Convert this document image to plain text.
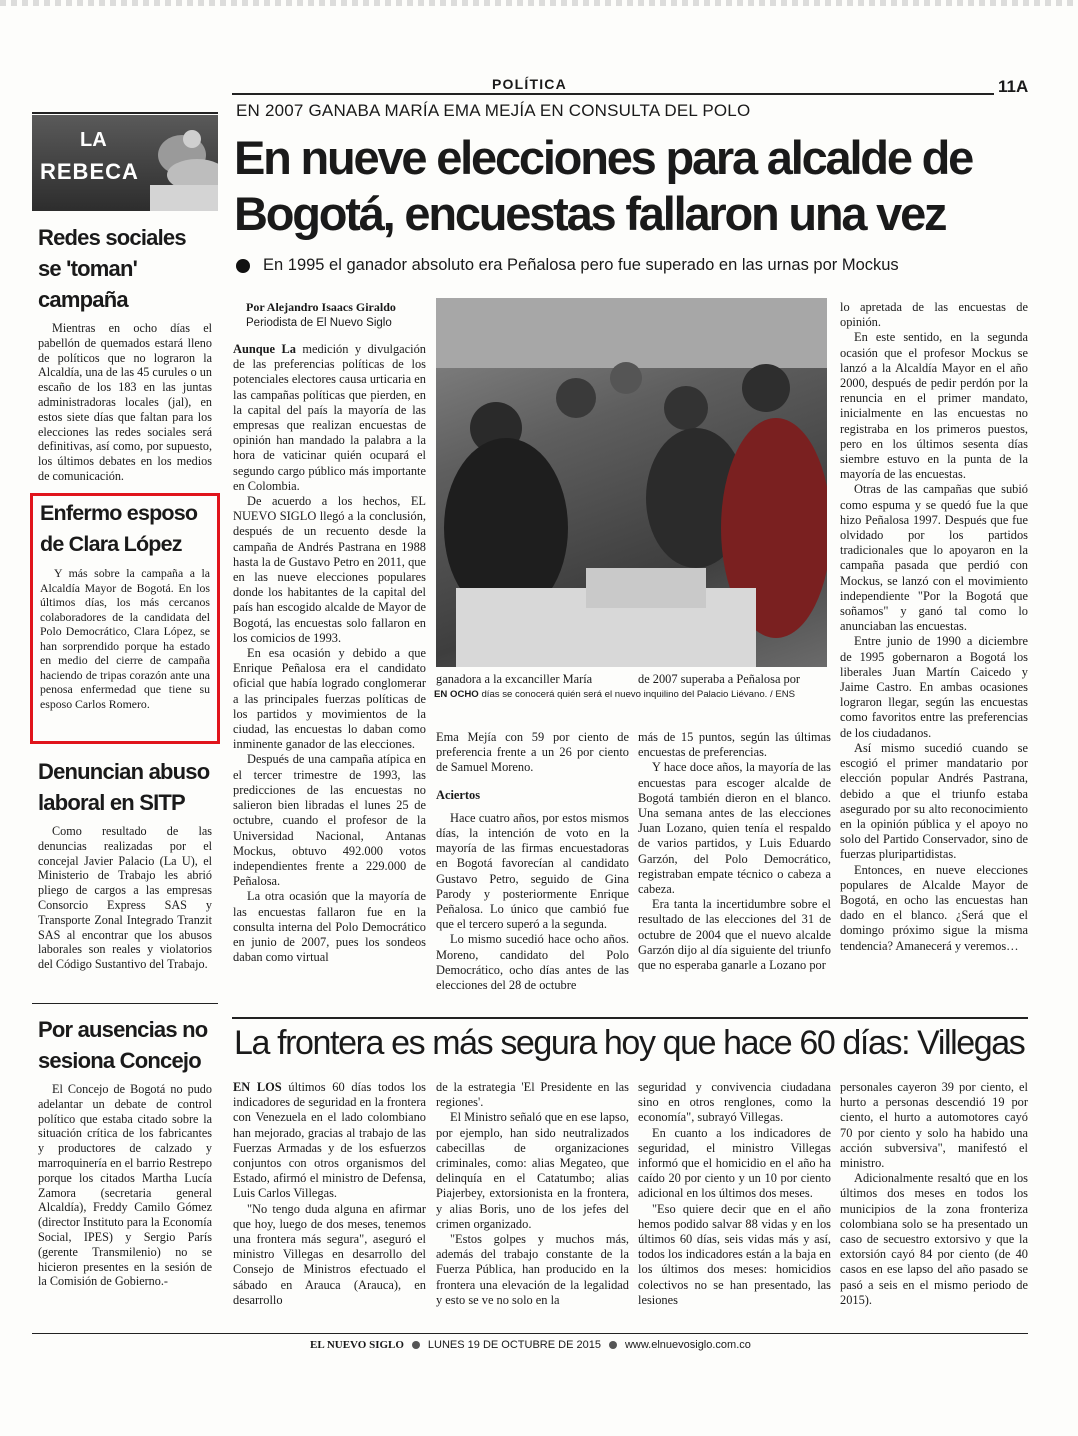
POLÍTICA	11A
LA
REBECA
Redes sociales se 'toman' campaña

Mientras en ocho días el pabellón de quemados estará lleno de políticos que no lograron la Alcaldía, una de las 45 curules o un escaño de los 183 en las juntas administradoras locales (jal), en estos siete días que faltan para los elecciones las redes sociales será definitivas, así como, por supuesto, los últimos debates en los medios de comunicación.

Enfermo esposo de Clara López

Y más sobre la campaña a la Alcaldía Mayor de Bogotá. En los últimos días, los más cercanos colaboradores de la candidata del Polo Democrático, Clara López, se han sorprendido porque ha estado en medio del cierre de campaña haciendo de tripas corazón ante una penosa enfermedad que tiene su esposo Carlos Romero.

Denuncian abuso laboral en SITP

Como resultado de las denuncias realizadas por el concejal Javier Palacio (La U), el Ministerio de Trabajo les abrió pliego de cargos a las empresas Consorcio Express SAS y Transporte Zonal Integrado Tranzit SAS al encontrar que los abusos laborales son reales y violatorios del Código Sustantivo del Trabajo.

Por ausencias no sesiona Concejo

El Concejo de Bogotá no pudo adelantar un debate de control político que estaba citado sobre la situación crítica de los fabricantes y productores de calzado y marroquinería en el barrio Restrepo porque los citados Martha Lucía Zamora (secretaria general Alcaldía), Freddy Camilo Gómez (director Instituto para la Economía Social, IPES) y Sergio París (gerente Transmilenio) no se hicieron presentes en la sesión de la Comisión de Gobierno.-

EN 2007 GANABA MARÍA EMA MEJÍA EN CONSULTA DEL POLO
En nueve elecciones para alcalde de Bogotá, encuestas fallaron una vez
En 1995 el ganador absoluto era Peñalosa pero fue superado en las urnas por Mockus
Por Alejandro Isaacs Giraldo
Periodista de El Nuevo Siglo

Aunque La medición y divulgación de las preferencias políticas de los potenciales electores causa urticaria en las campañas políticas que pierden, en la capital del país la mayoría de las empresas que realizan encuestas de opinión han mandado la palabra a la hora de vaticinar quién ocupará el segundo cargo público más importante en Colombia.

De acuerdo a los hechos, EL NUEVO SIGLO llegó a la conclusión, después de un recuento desde la campaña de Andrés Pastrana en 1988 hasta la de Gustavo Petro en 2011, que en las nueve elecciones populares donde los habitantes de la capital del país han escogido alcalde de Mayor de Bogotá, las encuestas solo fallaron en los comicios de 1993.

En esa ocasión y debido a que Enrique Peñalosa era el candidato oficial que había logrado conglomerar a las principales fuerzas políticas de los partidos y movimientos de la ciudad, las encuestas lo daban como inminente ganador de las elecciones.

Después de una campaña atípica en el tercer trimestre de 1993, las predicciones de las encuestas no salieron bien libradas el lunes 25 de octubre, cuando el profesor de la Universidad Nacional, Antanas Mockus, obtuvo 492.000 votos independientes frente a 229.000 de Peñalosa.

La otra ocasión que la mayoría de las encuestas fallaron fue en la consulta interna del Polo Democrático en junio de 2007, pues los sondeos daban como virtual

ganadora a la excanciller María	de 2007 superaba a Peñalosa por
EN OCHO días se conocerá quién será el nuevo inquilino del Palacio Liévano. / ENS

Ema Mejía con 59 por ciento de preferencia frente a un 26 por ciento de Samuel Moreno.

Aciertos

Hace cuatro años, por estos mismos días, la intención de voto en la mayoría de las firmas encuestadoras en Bogotá favorecían al candidato Gustavo Petro, seguido de Gina Parody y posteriormente Enrique Peñalosa. Lo único que cambió fue que el tercero superó a la segunda.

Lo mismo sucedió hace ocho años. Moreno, candidato del Polo Democrático, ocho días antes de las elecciones del 28 de octubre

más de 15 puntos, según las últimas encuestas de preferencias.

Y hace doce años, la mayoría de las encuestas para escoger alcalde de Bogotá también dieron en el blanco. Una semana antes de las elecciones Juan Lozano, quien tenía el respaldo de varios partidos, y Luis Eduardo Garzón, del Polo Democrático, registraban empate técnico o cabeza a cabeza.

Era tanta la incertidumbre sobre el resultado de las elecciones del 31 de octubre de 2004 que el nuevo alcalde Garzón dijo al día siguiente del triunfo que no esperaba ganarle a Lozano por

lo apretada de las encuestas de opinión.

En este sentido, en la segunda ocasión que el profesor Mockus se lanzó a la Alcaldía Mayor en el año 2000, después de pedir perdón por la renuncia en el primer mandato, inicialmente en las encuestas no registraba en los primeros puestos, pero en los últimos sesenta días siembre estuvo en la punta de la mayoría de las encuestas.

Otras de las campañas que subió como espuma y se quedó fue la que hizo Peñalosa 1997. Después que fue olvidado por los partidos tradicionales que lo apoyaron en la campaña pasada que perdió con Mockus, se lanzó con el movimiento independiente "Por la Bogotá que soñamos" y ganó tal como lo anunciaban las encuestas.

Entre junio de 1990 a diciembre de 1995 gobernaron a Bogotá los liberales Juan Martín Caicedo y Jaime Castro. En ambas ocasiones lograron llegar, según las encuestas como favoritos entre las preferencias de los ciudadanos.

Así mismo sucedió cuando se escogió el primer mandatario por elección popular Andrés Pastrana, debido a que el triunfo estaba asegurado por su alto reconocimiento en la opinión pública y el apoyo no solo del Partido Conservador, sino de fuerzas pluripartidistas.

Entonces, en nueve elecciones populares de Alcalde Mayor de Bogotá, en ocho las encuestas han dado en el blanco. ¿Será que el domingo próximo sigue la misma tendencia? Amanecerá y veremos…

La frontera es más segura hoy que hace 60 días: Villegas

EN LOS últimos 60 días todos los indicadores de seguridad en la frontera con Venezuela en el lado colombiano han mejorado, gracias al trabajo de las Fuerzas Armadas y de los esfuerzos conjuntos con otros organismos del Estado, afirmó el ministro de Defensa, Luis Carlos Villegas.

"No tengo duda alguna en afirmar que hoy, luego de dos meses, tenemos una frontera más segura", aseguró el ministro Villegas en desarrollo del Consejo de Ministros efectuado el sábado en Arauca (Arauca), en desarrollo

de la estrategia 'El Presidente en las regiones'.

El Ministro señaló que en ese lapso, por ejemplo, han sido neutralizados cabecillas de organizaciones criminales, como: alias Megateo, que delinquía en el Catatumbo; alias Piajerbey, extorsionista en la frontera, y alias Boris, uno de los jefes del crimen organizado.

"Estos golpes y muchos más, además del trabajo constante de la Fuerza Pública, han producido en la frontera una elevación de la legalidad y esto se ve no solo en la

seguridad y convivencia ciudadana sino en otros renglones, como la economía", subrayó Villegas.

En cuanto a los indicadores de seguridad, el ministro Villegas informó que el homicidio en el año ha caído 20 por ciento y un 10 por ciento adicional en los últimos dos meses.

"Eso quiere decir que en el año hemos podido salvar 88 vidas y en los últimos 60 días, seis vidas más y así, todos los indicadores están a la baja en los últimos dos meses: homicidios colectivos no se han presentado, las lesiones

personales cayeron 39 por ciento, el hurto a personas descendió 19 por ciento, el hurto a automotores cayó 70 por ciento y solo ha habido una acción subversiva", manifestó el ministro.

Adicionalmente resaltó que en los últimos dos meses en todos los municipios de la zona fronteriza colombiana solo se ha presentado un caso de secuestro extorsivo y que la extorsión cayó 84 por ciento (de 40 casos en ese lapso del año pasado se pasó a seis en el mismo periodo de 2015).

EL NUEVO SIGLO LUNES 19 DE OCTUBRE DE 2015 www.elnuevosiglo.com.co
